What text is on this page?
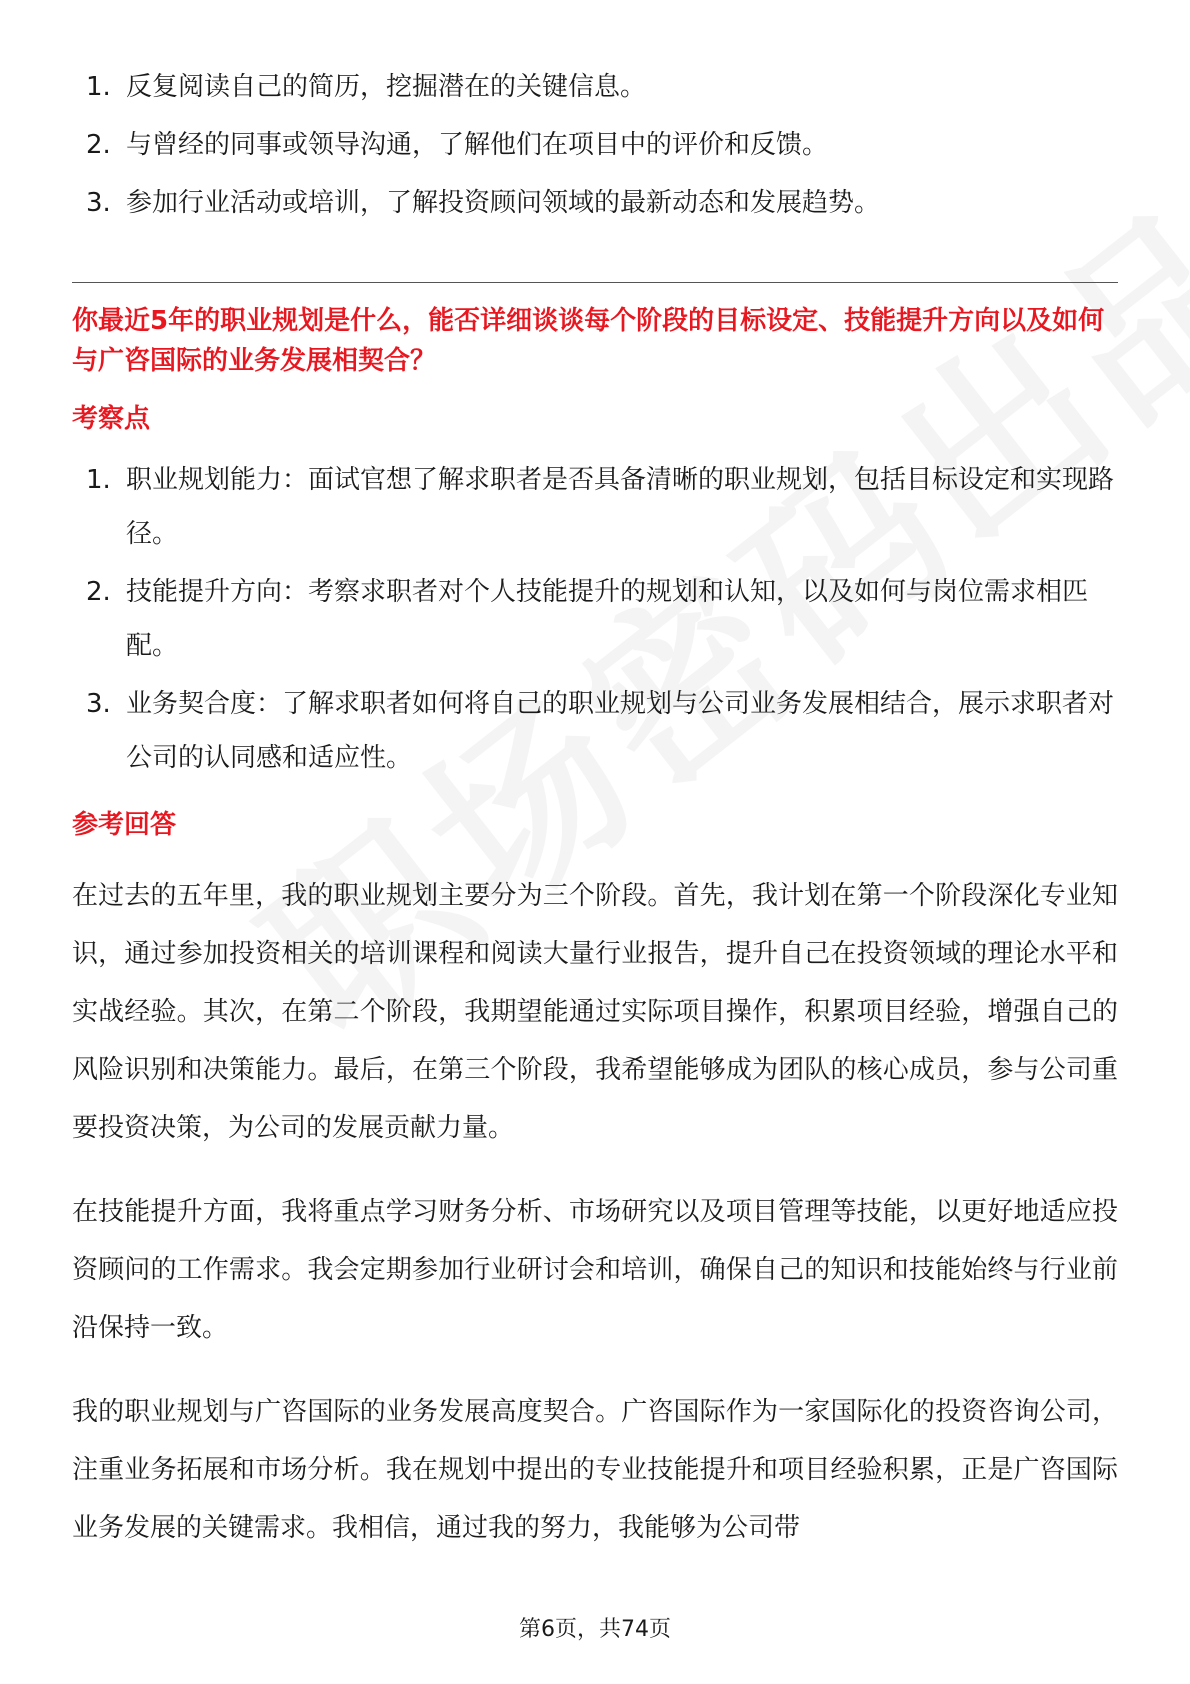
1. 反复阅读自己的简历，挖掘潜在的关键信息。
2. 与曾经的同事或领导沟通，了解他们在项目中的评价和反馈。
3. 参加行业活动或培训，了解投资顾问领域的最新动态和发展趋势。

你最近5年的职业规划是什么，能否详细谈谈每个阶段的目标设定、技能提升方向以及如何与广咨国际的业务发展相契合？

考察点
1. 职业规划能力：面试官想了解求职者是否具备清晰的职业规划，包括目标设定和实现路径。
2. 技能提升方向：考察求职者对个人技能提升的规划和认知，以及如何与岗位需求相匹配。
3. 业务契合度：了解求职者如何将自己的职业规划与公司业务发展相结合，展示求职者对公司的认同感和适应性。
参考回答

在过去的五年里，我的职业规划主要分为三个阶段。首先，我计划在第一个阶段深化专业知识，通过参加投资相关的培训课程和阅读大量行业报告，提升自己在投资领域的理论水平和实战经验。其次，在第二个阶段，我期望能通过实际项目操作，积累项目经验，增强自己的风险识别和决策能力。最后，在第三个阶段，我希望能够成为团队的核心成员，参与公司重要投资决策，为公司的发展贡献力量。

在技能提升方面，我将重点学习财务分析、市场研究以及项目管理等技能，以更好地适应投资顾问的工作需求。我会定期参加行业研讨会和培训，确保自己的知识和技能始终与行业前沿保持一致。

我的职业规划与广咨国际的业务发展高度契合。广咨国际作为一家国际化的投资咨询公司，注重业务拓展和市场分析。我在规划中提出的专业技能提升和项目经验积累，正是广咨国际业务发展的关键需求。我相信，通过我的努力，我能够为公司带

第6页，共74页
